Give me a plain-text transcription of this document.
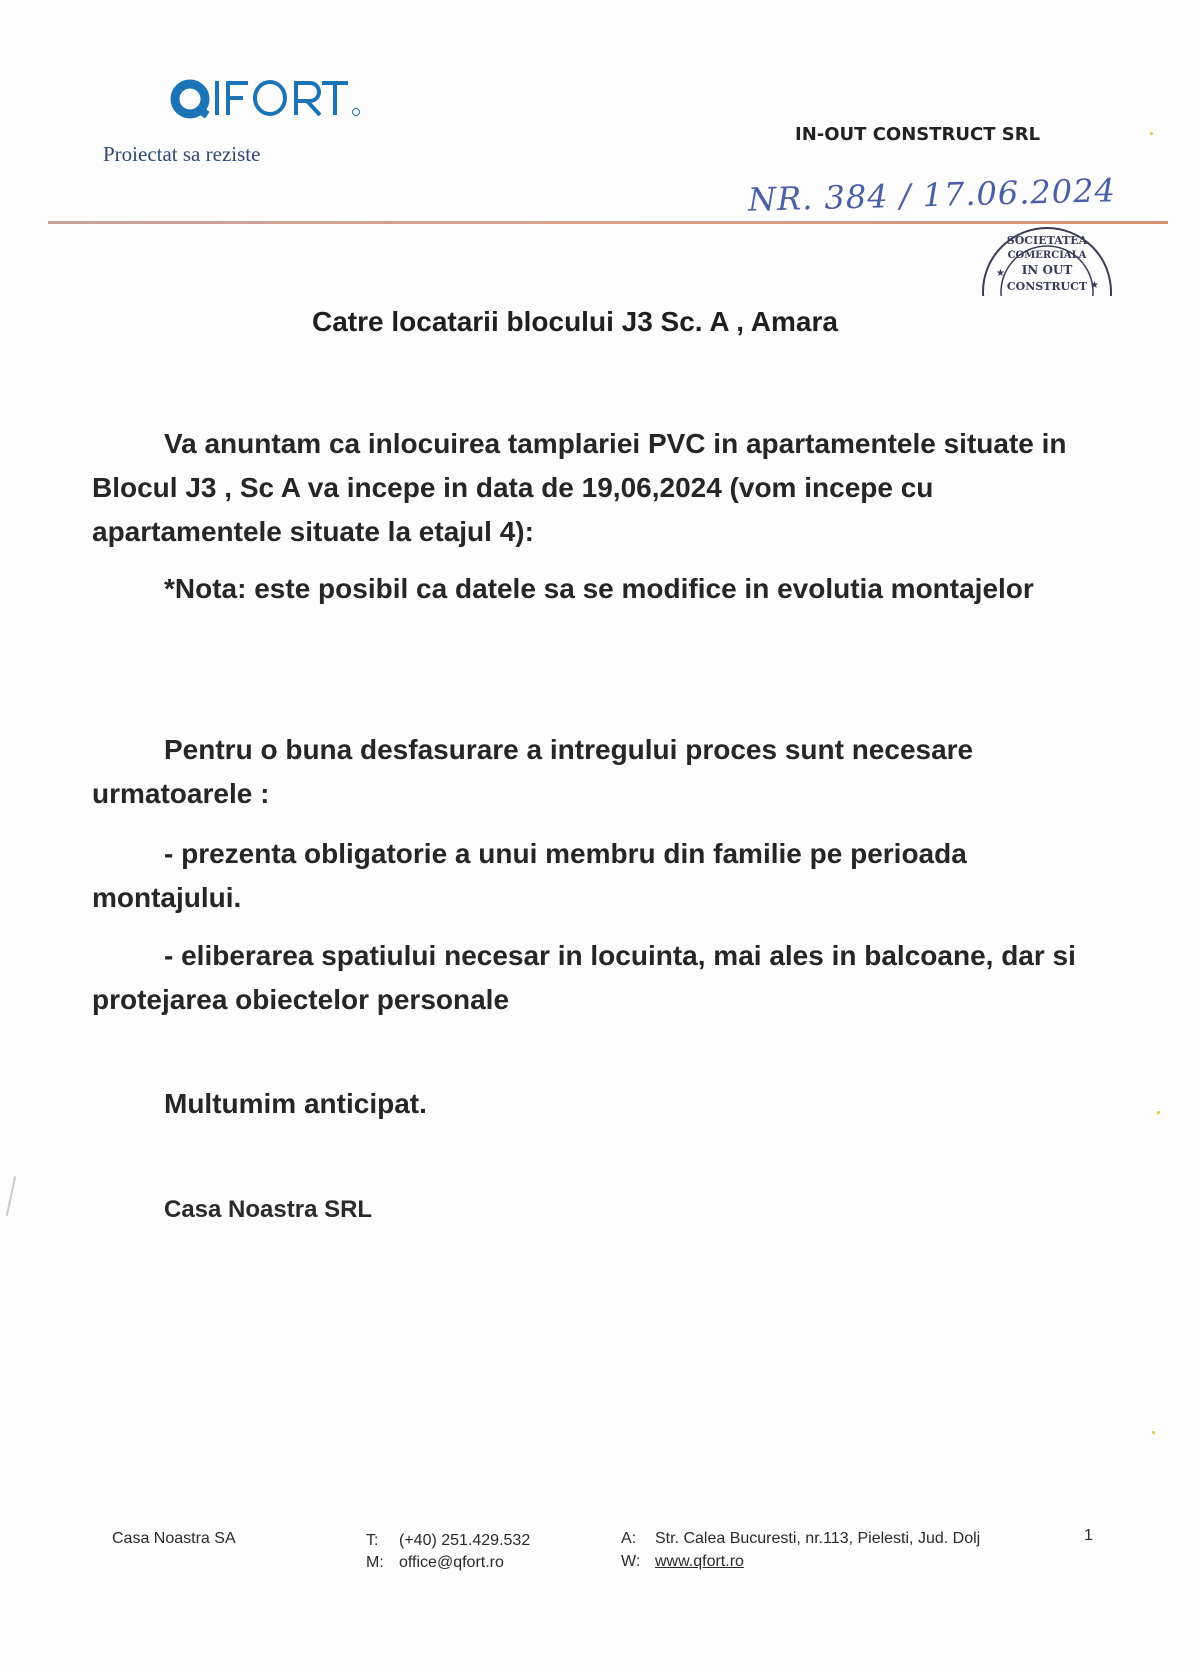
Proiectat sa reziste
IN-OUT CONSTRUCT SRL
NR. 384 / 17.06.2024
SOCIETATEA
COMERCIALA
IN OUT
CONSTRUCT
★
★
Catre locatarii blocului J3 Sc. A , Amara
Va anuntam ca inlocuirea tamplariei PVC in apartamentele situate in Blocul J3 , Sc A va incepe in data de 19,06,2024 (vom incepe cu apartamentele situate la etajul 4):
*Nota: este posibil ca datele sa se modifice in evolutia montajelor
Pentru o buna desfasurare a intregului proces sunt necesare urmatoarele :
- prezenta obligatorie a unui membru din familie pe perioada montajului.
- eliberarea spatiului necesar in locuinta, mai ales in balcoane, dar si protejarea obiectelor personale
Multumim anticipat.
Casa Noastra SRL
Casa Noastra SA	T: (+40) 251.429.532
M: office@qfort.ro
A: Str. Calea Bucuresti, nr.113, Pielesti, Jud. Dolj
W: www.qfort.ro
1
